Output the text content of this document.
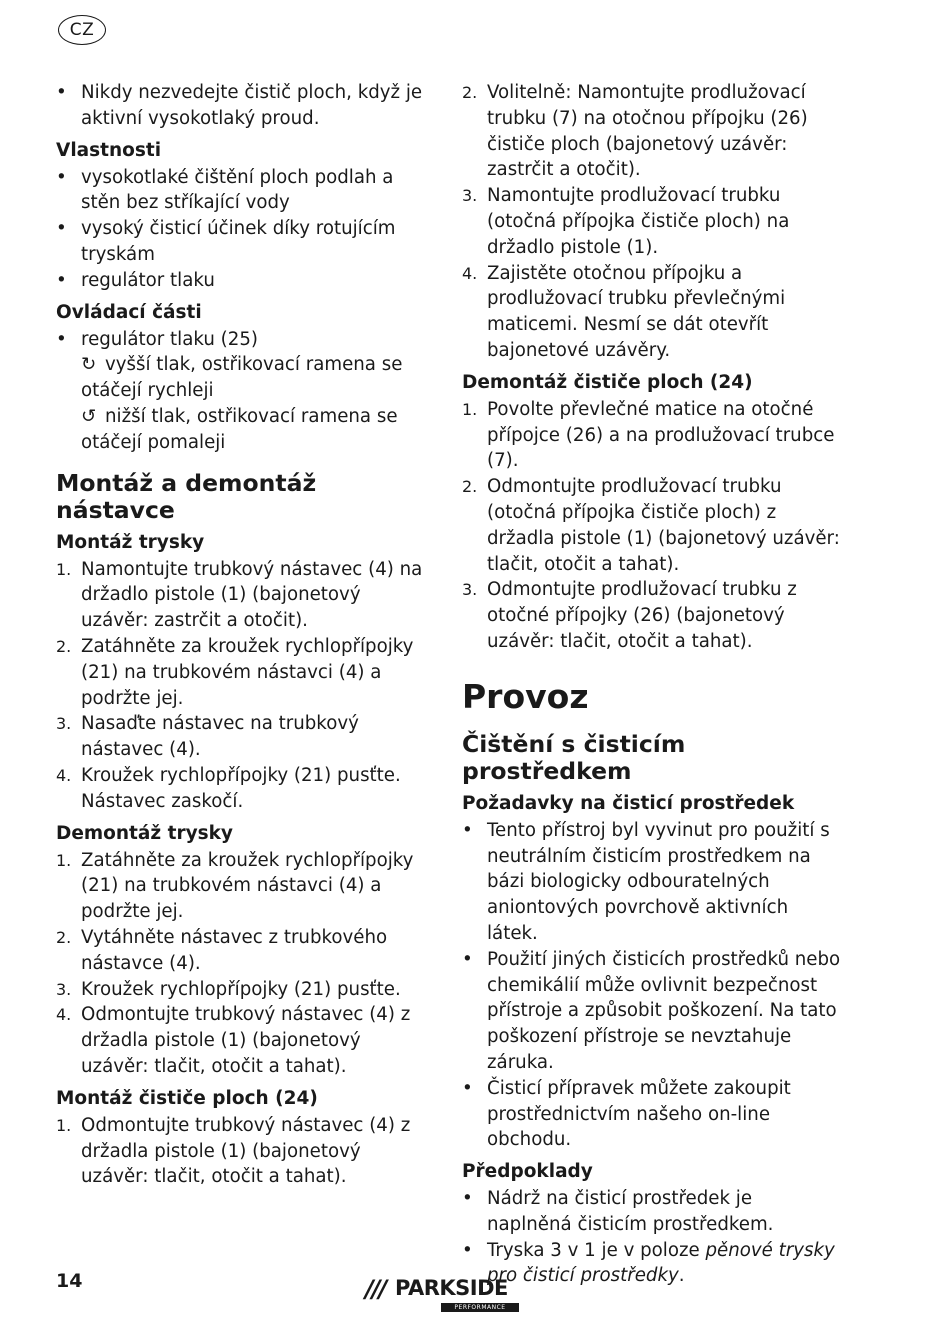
CZ
• Nikdy nezvedejte čistič ploch, když je aktivní vysokotlaký proud.
Vlastnosti
• vysokotlaké čištění ploch podlah a stěn bez stříkající vody
• vysoký čisticí účinek díky rotujícím tryskám
• regulátor tlaku
Ovládací části
• regulátor tlaku (25)
↻ vyšší tlak, ostřikovací ramena se otáčejí rychleji
↺ nižší tlak, ostřikovací ramena se otáčejí pomaleji
Montáž a demontáž nástavce
Montáž trysky
1. Namontujte trubkový nástavec (4) na držadlo pistole (1) (bajonetový uzávěr: zastrčit a otočit).
2. Zatáhněte za kroužek rychlopřípojky (21) na trubkovém nástavci (4) a podržte jej.
3. Nasaďte nástavec na trubkový nástavec (4).
4. Kroužek rychlopřípojky (21) pusťte. Nástavec zaskočí.
Demontáž trysky
1. Zatáhněte za kroužek rychlopřípojky (21) na trubkovém nástavci (4) a podržte jej.
2. Vytáhněte nástavec z trubkového nástavce (4).
3. Kroužek rychlopřípojky (21) pusťte.
4. Odmontujte trubkový nástavec (4) z držadla pistole (1) (bajonetový uzávěr: tlačit, otočit a tahat).
Montáž čističe ploch (24)
1. Odmontujte trubkový nástavec (4) z držadla pistole (1) (bajonetový uzávěr: tlačit, otočit a tahat).
2. Volitelně: Namontujte prodlužovací trubku (7) na otočnou přípojku (26) čističe ploch (bajonetový uzávěr: zastrčit a otočit).
3. Namontujte prodlužovací trubku (otočná přípojka čističe ploch) na držadlo pistole (1).
4. Zajistěte otočnou přípojku a prodlužovací trubku převlečnými maticemi. Nesmí se dát otevřít bajonetové uzávěry.
Demontáž čističe ploch (24)
1. Povolte převlečné matice na otočné přípojce (26) a na prodlužovací trubce (7).
2. Odmontujte prodlužovací trubku (otočná přípojka čističe ploch) z držadla pistole (1) (bajonetový uzávěr: tlačit, otočit a tahat).
3. Odmontujte prodlužovací trubku z otočné přípojky (26) (bajonetový uzávěr: tlačit, otočit a tahat).
Provoz
Čištění s čisticím prostředkem
Požadavky na čisticí prostředek
• Tento přístroj byl vyvinut pro použití s neutrálním čisticím prostředkem na bázi biologicky odbouratelných aniontových povrchově aktivních látek.
• Použití jiných čisticích prostředků nebo chemikálií může ovlivnit bezpečnost přístroje a způsobit poškození. Na tato poškození přístroje se nevztahuje záruka.
• Čisticí přípravek můžete zakoupit prostřednictvím našeho on-line obchodu.
Předpoklady
• Nádrž na čisticí prostředek je naplněná čisticím prostředkem.
• Tryska 3 v 1 je v poloze pěnové trysky pro čisticí prostředky.
14	/// PARKSIDE
PERFORMANCE
